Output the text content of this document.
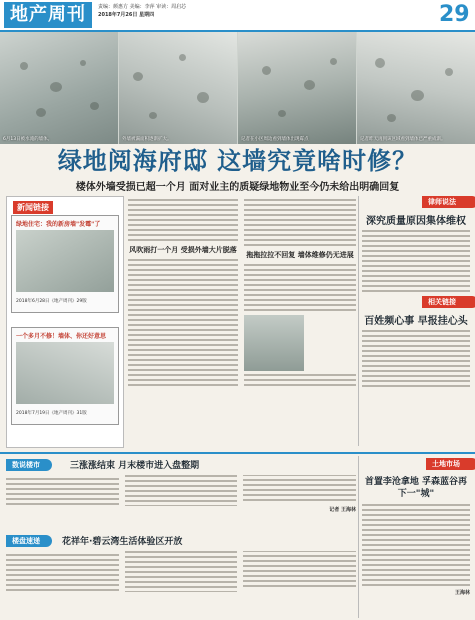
地产周刊	责编：颜惠方 美编：李萍 审读：周启芯
2018年7月26日 星期四	29
6月13日被水淹的墙体。	外墙被漏面积逐渐扩大。	记者在小区周边看到墙体出现霉点	记者昨天再到该区域看到墙体已严重成渐。
绿地阅海府邸 这墙究竟啥时修？
楼体外墙受损已超一个月 面对业主的质疑绿地物业至今仍未给出明确回复
新闻链接
绿地住宅：我的新房墙"发霉"了
2018年6月28日《地产周刊》29版
一个多月不修！墙体、你还好意思
2018年7月19日《地产周刊》31版
风吹雨打一个月 受损外墙大片脱落
拖拖拉拉不回复 墙体维修仍无进展
律师说法
深究质量原因集体维权
相关链接
百姓频心事 早报挂心头
数说楼市	三涨涨结束 月末楼市进入盘整期
记者 王海林
楼盘速递	花祥年·碧云湾生活体验区开放
土地市场
首置李沧拿地 孚森蓝谷再下一"城"
王海林
